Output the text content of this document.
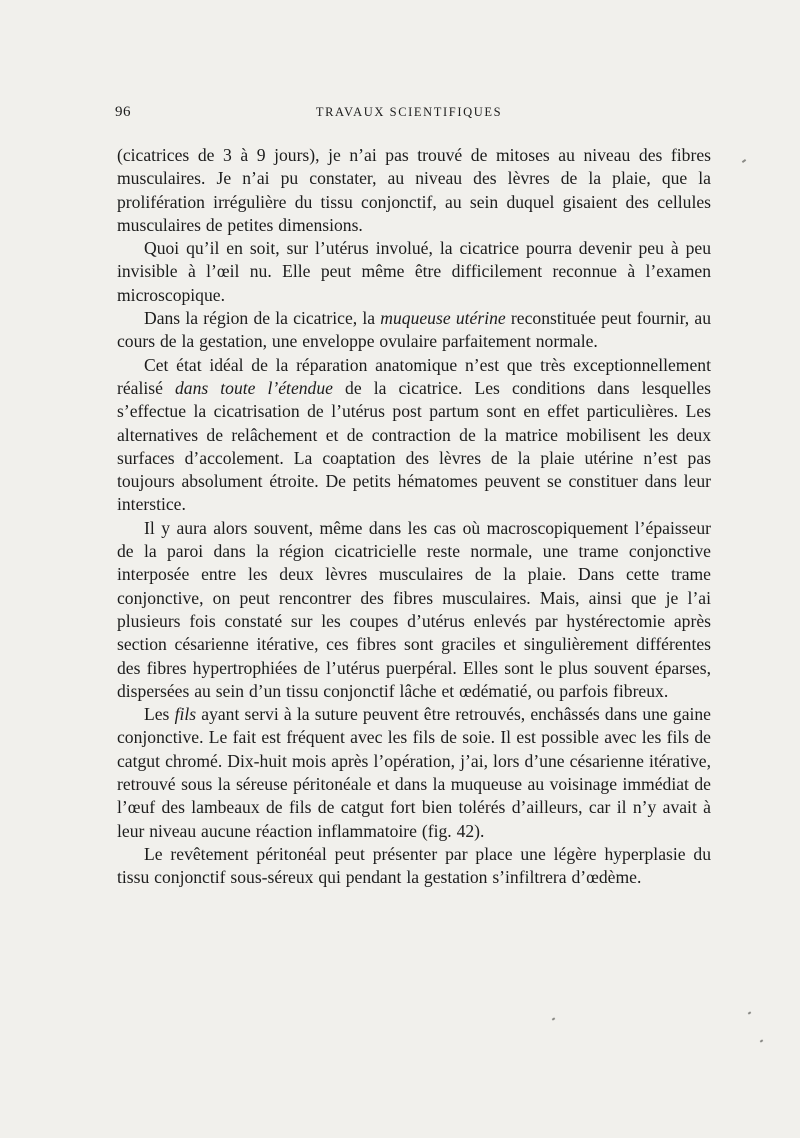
96	TRAVAUX SCIENTIFIQUES

(cicatrices de 3 à 9 jours), je n’ai pas trouvé de mitoses au niveau des fibres musculaires. Je n’ai pu constater, au niveau des lèvres de la plaie, que la prolifération irrégulière du tissu conjonctif, au sein duquel gisaient des cellules musculaires de petites dimensions.

Quoi qu’il en soit, sur l’utérus involué, la cicatrice pourra devenir peu à peu invisible à l’œil nu. Elle peut même être difficilement reconnue à l’examen microscopique.

Dans la région de la cicatrice, la muqueuse utérine reconstituée peut fournir, au cours de la gestation, une enveloppe ovulaire parfaitement normale.

Cet état idéal de la réparation anatomique n’est que très exceptionnellement réalisé dans toute l’étendue de la cicatrice. Les conditions dans lesquelles s’effectue la cicatrisation de l’utérus post partum sont en effet particulières. Les alternatives de relâchement et de contraction de la matrice mobilisent les deux surfaces d’accolement. La coaptation des lèvres de la plaie utérine n’est pas toujours absolument étroite. De petits hématomes peuvent se constituer dans leur interstice.

Il y aura alors souvent, même dans les cas où macroscopiquement l’épaisseur de la paroi dans la région cicatricielle reste normale, une trame conjonctive interposée entre les deux lèvres musculaires de la plaie. Dans cette trame conjonctive, on peut rencontrer des fibres musculaires. Mais, ainsi que je l’ai plusieurs fois constaté sur les coupes d’utérus enlevés par hystérectomie après section césarienne itérative, ces fibres sont graciles et singulièrement différentes des fibres hypertrophiées de l’utérus puerpéral. Elles sont le plus souvent éparses, dispersées au sein d’un tissu conjonctif lâche et œdématié, ou parfois fibreux.

Les fils ayant servi à la suture peuvent être retrouvés, enchâssés dans une gaine conjonctive. Le fait est fréquent avec les fils de soie. Il est possible avec les fils de catgut chromé. Dix-huit mois après l’opération, j’ai, lors d’une césarienne itérative, retrouvé sous la séreuse péritonéale et dans la muqueuse au voisinage immédiat de l’œuf des lambeaux de fils de catgut fort bien tolérés d’ailleurs, car il n’y avait à leur niveau aucune réaction inflammatoire (fig. 42).

Le revêtement péritonéal peut présenter par place une légère hyperplasie du tissu conjonctif sous-séreux qui pendant la gestation s’infiltrera d’œdème.
